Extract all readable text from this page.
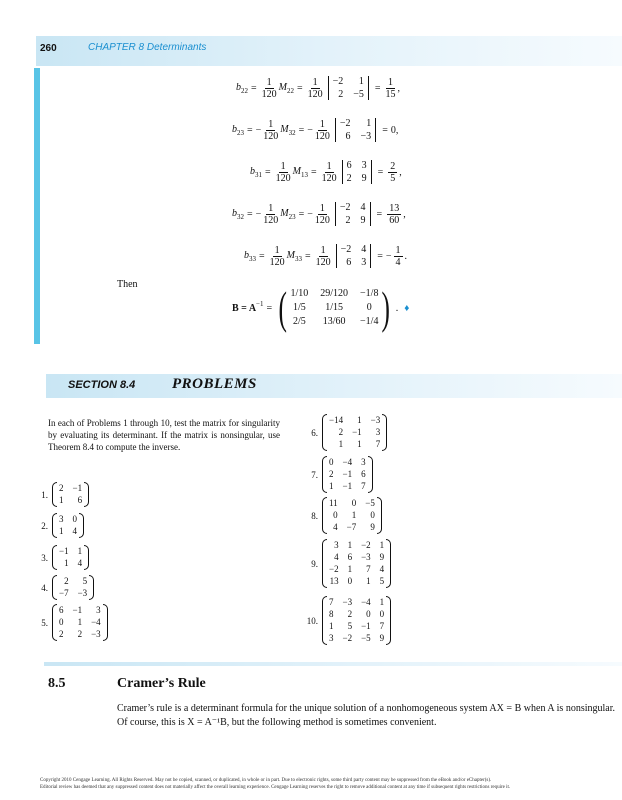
260	CHAPTER 8 Determinants
$b_{22} = \frac{1}{120} M_{22} = \frac{1}{120} -2$	1
2 −5
= $\frac{1}{15}$ ,
$b_{23}$ = − $\frac{1}{120} M_{32}$ = − $\frac{1}{120} -2$	1
6 −3
= 0 ,
$b_{31} = \frac{1}{120} M_{13} = \frac{1}{120} 6$ 3
2 9
= $\frac{2}{5}$ ,
$b_{32}$ = − $\frac{1}{120} M_{23}$ = − $\frac{1}{120} -2$ 4
2 9
= $\frac{13}{60}$ ,
$b_{33} = \frac{1}{120} M_{33} = \frac{1}{120} -2$ 4
6 3
= − $\frac{1}{4}$ .
Then
$B = A^{-1}$ = ( 1/10 29/120 −1/8
1/5	1/15	0
2/5 13/60 −1/4 ) . ♦
SECTION 8.4 PROBLEMS
In each of Problems 1 through 10, test the matrix for singularity by evaluating its determinant. If the matrix is nonsingular, use Theorem 8.4 to compute the inverse.
1.
2 −1
1	6
2.
3 0
1 4
3.
−1 1
1 4
4.
2	5
−7 −3
5.
6 −1	3
0	1 −4
2	2 −3
6.
−14	1 −3
2 −1	3
1	1	7
7.
0 −4 3
2 −1 6
1 −1 7
8.
11	0 −5
0	1	0
4 −7	9
9.
3 1 −2 1
4 6 −3 9
−2 1	7 4
13 0	1 5
10.
7 −3 −4 1
8	2	0 0
1	5 −1 7
3 −2 −5 9
8.5	Cramer’s Rule
Cramer’s rule is a determinant formula for the unique solution of a nonhomogeneous system AX = B when A is nonsingular. Of course, this is X = A⁻¹B, but the following method is sometimes convenient.
Copyright 2010 Cengage Learning. All Rights Reserved. May not be copied, scanned, or duplicated, in whole or in part. Due to electronic rights, some third party content may be suppressed from the eBook and/or eChapter(s).
Editorial review has deemed that any suppressed content does not materially affect the overall learning experience. Cengage Learning reserves the right to remove additional content at any time if subsequent rights restrictions require it.
